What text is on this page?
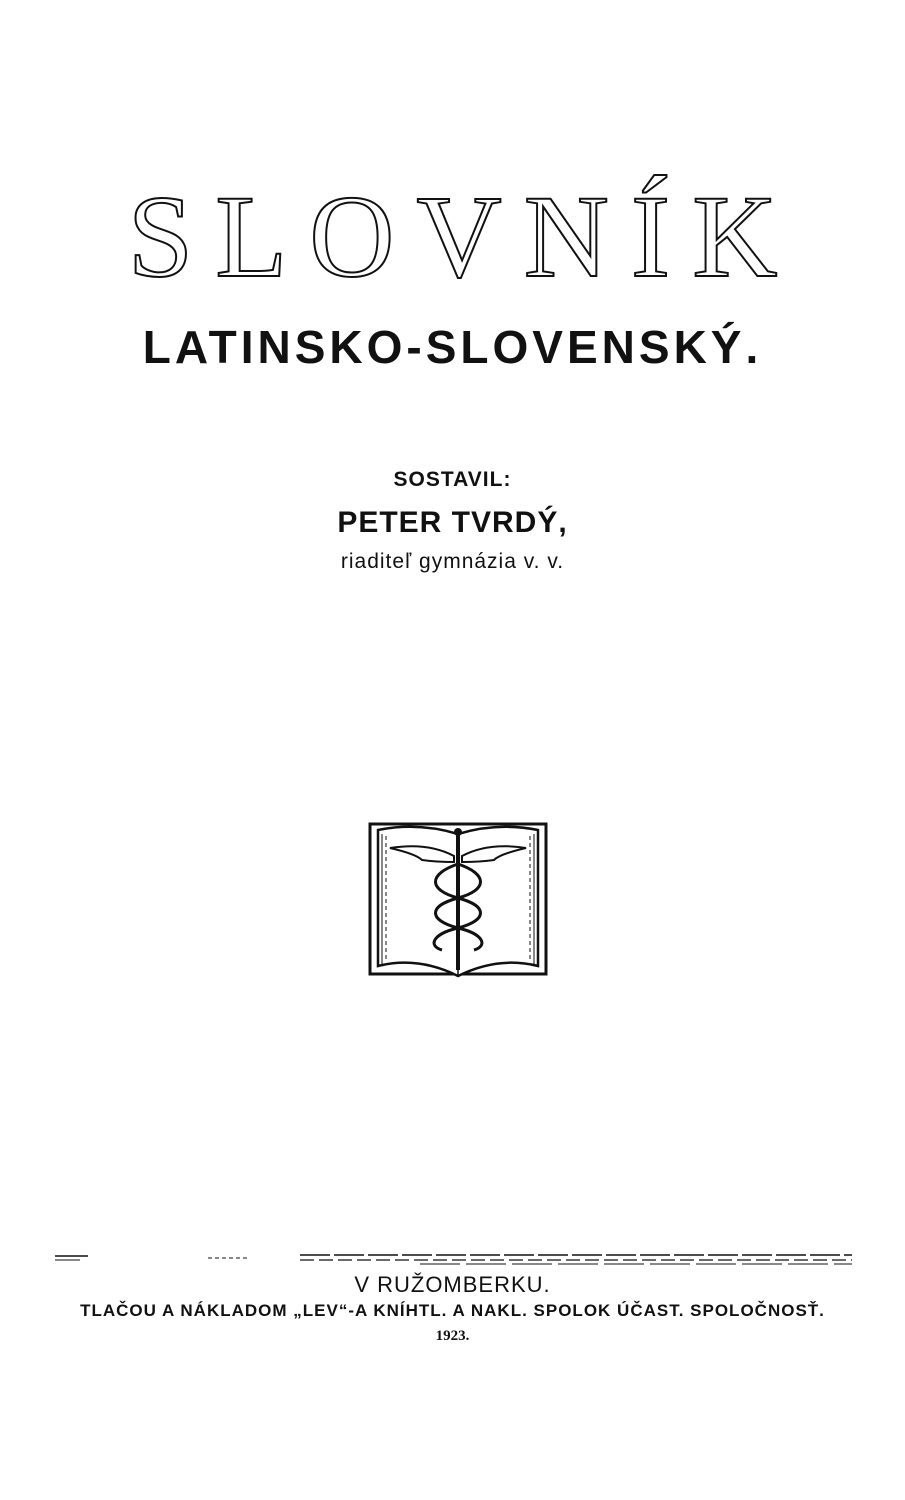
SLOVNÍK
LATINSKO-SLOVENSKÝ.
SOSTAVIL:
PETER TVRDÝ,
riaditeľ gymnázia v. v.
V RUŽOMBERKU.
TLAČOU A NÁKLADOM „LEV“-A KNÍHTL. A NAKL. SPOLOK ÚČAST. SPOLOČNOSŤ.
1923.
